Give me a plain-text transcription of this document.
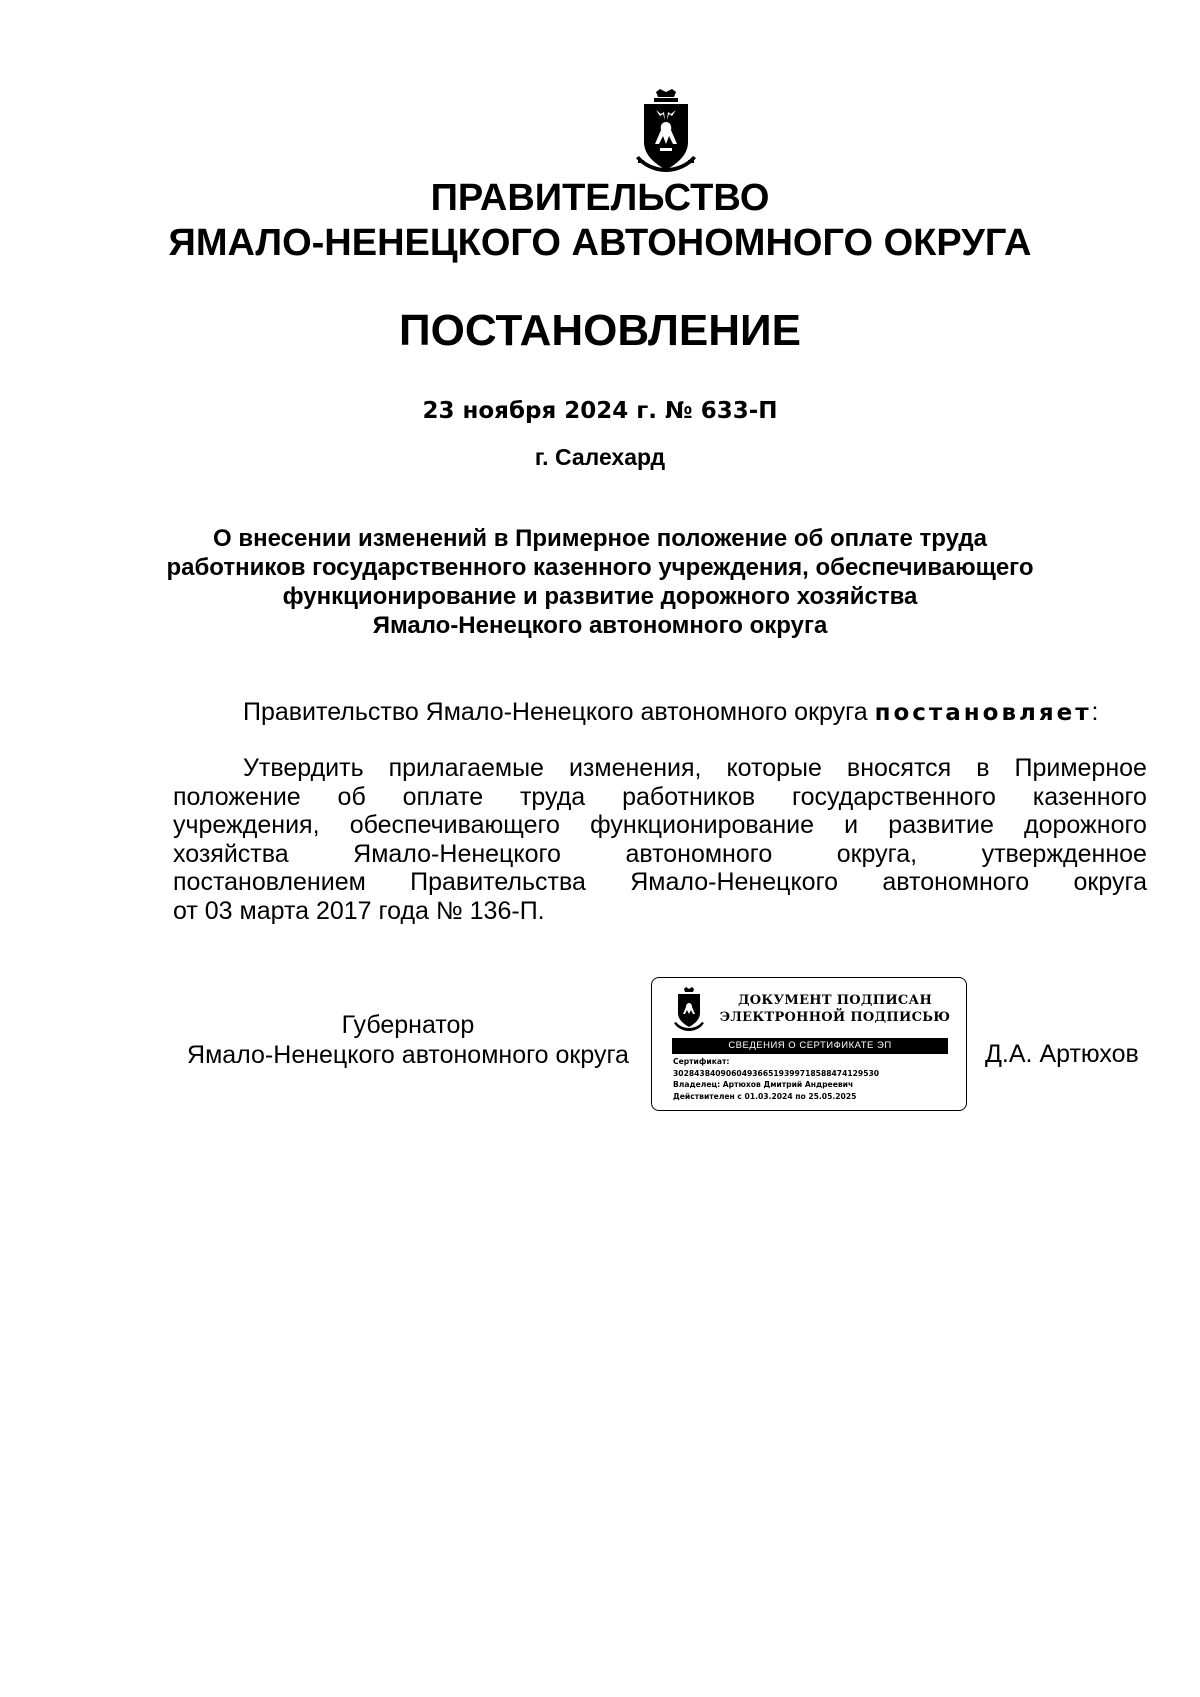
ПРАВИТЕЛЬСТВО
ЯМАЛО-НЕНЕЦКОГО АВТОНОМНОГО ОКРУГА
ПОСТАНОВЛЕНИЕ
23 ноября 2024 г. № 633-П
г. Салехард
О внесении изменений в Примерное положение об оплате труда
работников государственного казенного учреждения, обеспечивающего
функционирование и развитие дорожного хозяйства
Ямало-Ненецкого автономного округа
Правительство Ямало-Ненецкого автономного округа постановляет:
Утвердить прилагаемые изменения, которые вносятся в Примерное
положение об оплате труда работников государственного казенного
учреждения, обеспечивающего функционирование и развитие дорожного
хозяйства	Ямало-Ненецкого	автономного	округа,	утвержденное
постановлением Правительства Ямало-Ненецкого автономного округа
от 03 марта 2017 года № 136-П.
Губернатор
Ямало-Ненецкого автономного округа
ДОКУМЕНТ ПОДПИСАН
ЭЛЕКТРОННОЙ ПОДПИСЬЮ
СВЕДЕНИЯ О СЕРТИФИКАТЕ ЭП
Сертификат:
302843840906049366519399718588474129530
Владелец: Артюхов Дмитрий Андреевич
Действителен с 01.03.2024 по 25.05.2025
Д.А. Артюхов
